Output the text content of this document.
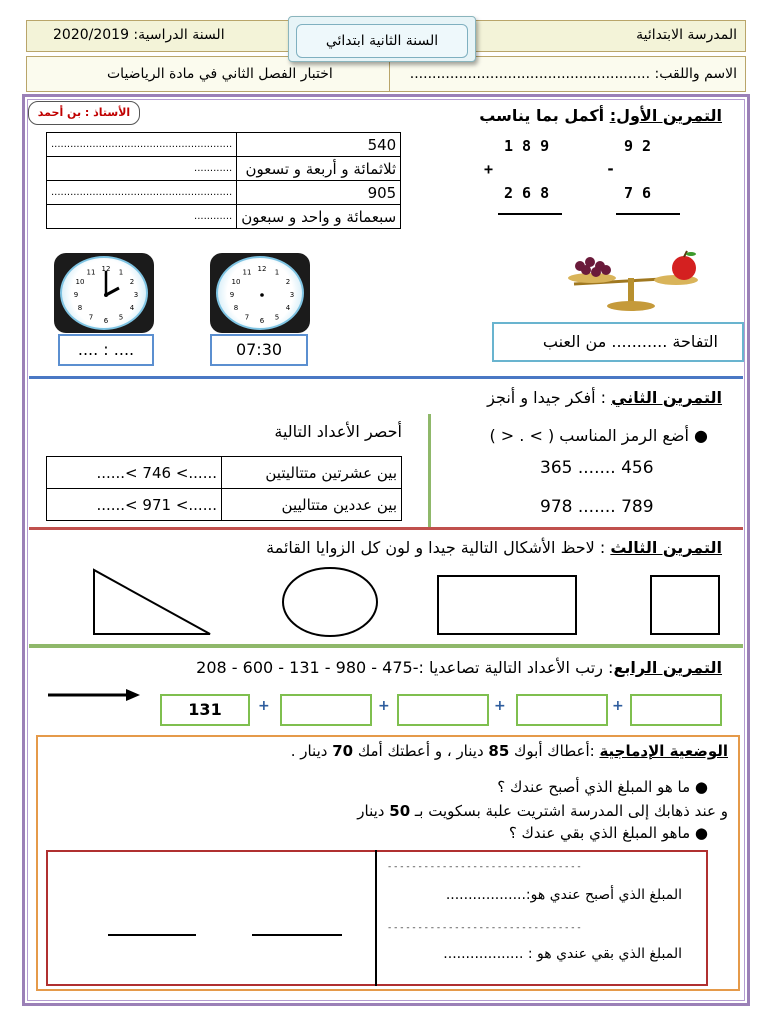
المدرسة الابتدائية
السنة الدراسية: 2020/2019
الاسم واللقب: ......................................................
اختبار الفصل الثاني في مادة الرياضيات
السنة الثانية ابتدائي
الأستاذ : بن أحمد	التمرين الأول: أكمل بما يناسب
540	.........................................................
ثلاثمائة و أربعة و تسعون	............
905	.........................................................
سبعمائة و واحد و سبعون	............
1 8 9
+
2 6 8
9 2
-
7 6
12 1
2
3
4
5
6
7
8
9
10
11	12 1
2
3
4
5
6
7
8
9
10
11
.... : ....	07:30	التفاحة ........... من العنب
التمرين الثاني : أفكر جيدا و أنجز
● أضع الرمز المناسب ( > . < )
365 ....... 456
978 ....... 789
أحصر الأعداد التالية
بين عشرتين متتاليتين	......> 746 >......
بين عددين متتاليين	......> 971 >......
التمرين الثالث : لاحظ الأشكال التالية جيدا و لون كل الزوايا القائمة
التمرين الرابع: رتب الأعداد التالية تصاعديا :-475 - 980 - 131 - 600 - 208
131	+	+	+	+
الوضعية الإدماجية :أعطاك أبوك 85 دينار ، و أعطتك أمك 70 دينار .
● ما هو المبلغ الذي أصبح عندك ؟
و عند ذهابك إلى المدرسة اشتريت علبة بسكويت بـ 50 دينار
● ماهو المبلغ الذي بقي عندك ؟
- - - - - - - - - - - - - - - - - - - - - - - - - - - - - - - -
المبلغ الذي أصبح عندي هو:..................
- - - - - - - - - - - - - - - - - - - - - - - - - - - - - - - -
المبلغ الذي بقي عندي هو : ..................
